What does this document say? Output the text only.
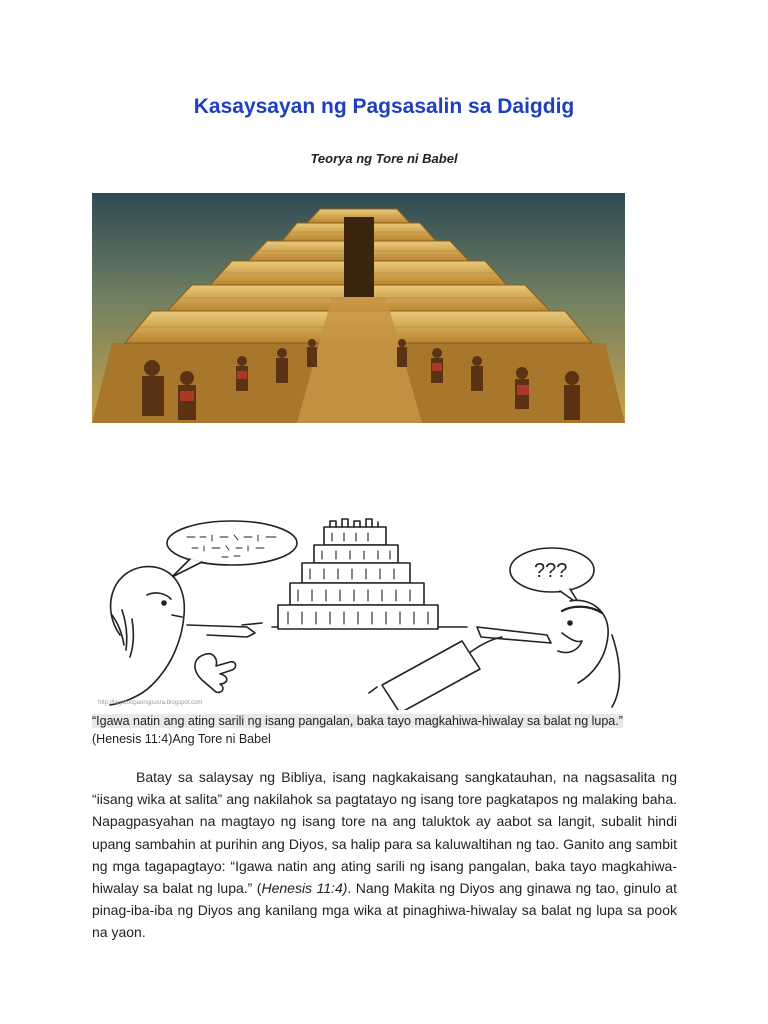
Kasaysayan ng Pagsasalin sa Daigdig

Teorya ng Tore ni Babel

???
http://tagaroogaongpusra.blogspot.com

“Igawa natin ang ating sarili ng isang pangalan, baka tayo magkahiwa-hiwalay sa balat ng lupa.”
(Henesis 11:4)Ang Tore ni Babel

Batay sa salaysay ng Bibliya, isang nagkakaisang sangkatauhan, na nagsasalita ng “iisang wika at salita” ang nakilahok sa pagtatayo ng isang tore pagkatapos ng malaking baha. Napagpasyahan na magtayo ng isang tore na ang taluktok ay aabot sa langit, subalit hindi upang sambahin at purihin ang Diyos, sa halip para sa kaluwaltihan ng tao. Ganito ang sambit ng mga tagapagtayo: “Igawa natin ang ating sarili ng isang pangalan, baka tayo magkahiwa-hiwalay sa balat ng lupa.” (Henesis 11:4). Nang Makita ng Diyos ang ginawa ng tao, ginulo at pinag-iba-iba ng Diyos ang kanilang mga wika at pinaghiwa-hiwalay sa balat ng lupa sa pook na yaon.
